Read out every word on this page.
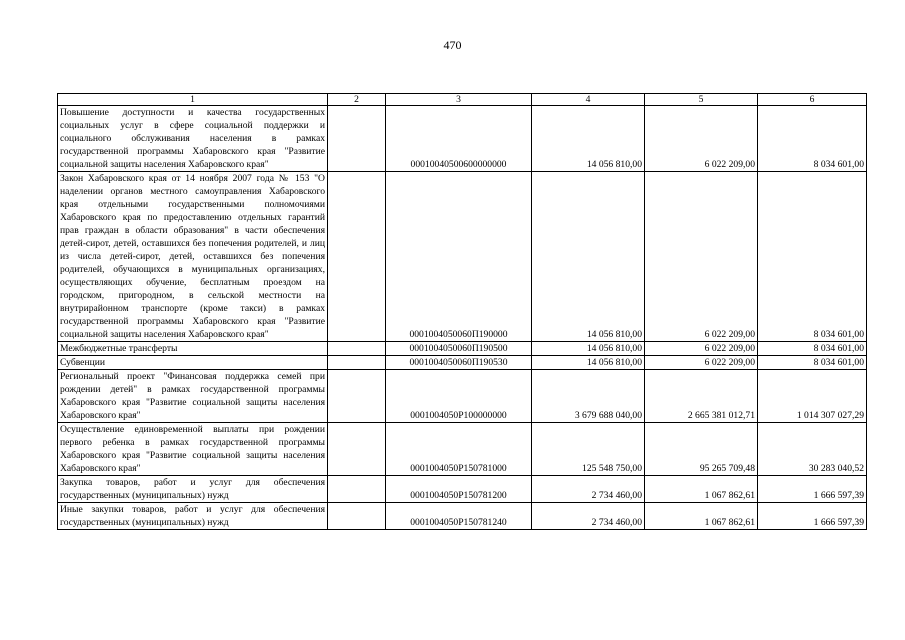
470
1	2	3	4	5	6
Повышение доступности и качества государственных социальных услуг в сфере социальной поддержки и социального обслуживания населения в рамках государственной программы Хабаровского края "Развитие социальной защиты населения Хабаровского края"		00010040500600000000	14 056 810,00	6 022 209,00	8 034 601,00
Закон Хабаровского края от 14 ноября 2007 года № 153 "О наделении органов местного самоуправления Хабаровского края отдельными государственными полномочиями Хабаровского края по предоставлению отдельных гарантий прав граждан в области образования" в части обеспечения детей-сирот, детей, оставшихся без попечения родителей, и лиц из числа детей-сирот, детей, оставшихся без попечения родителей, обучающихся в муниципальных организациях, осуществляющих обучение, бесплатным проездом на городском, пригородном, в сельской местности на внутрирайонном транспорте (кроме такси) в рамках государственной программы Хабаровского края "Развитие социальной защиты населения Хабаровского края"		0001004050060П190000	14 056 810,00	6 022 209,00	8 034 601,00
Межбюджетные трансферты		0001004050060П190500	14 056 810,00	6 022 209,00	8 034 601,00
Субвенции		0001004050060П190530	14 056 810,00	6 022 209,00	8 034 601,00
Региональный проект "Финансовая поддержка семей при рождении детей" в рамках государственной программы Хабаровского края "Развитие социальной защиты населения Хабаровского края"		0001004050P100000000	3 679 688 040,00	2 665 381 012,71	1 014 307 027,29
Осуществление единовременной выплаты при рождении первого ребенка в рамках государственной программы Хабаровского края "Развитие социальной защиты населения Хабаровского края"		0001004050P150781000	125 548 750,00	95 265 709,48	30 283 040,52
Закупка товаров, работ и услуг для обеспечения государственных (муниципальных) нужд		0001004050P150781200	2 734 460,00	1 067 862,61	1 666 597,39
Иные закупки товаров, работ и услуг для обеспечения государственных (муниципальных) нужд		0001004050P150781240	2 734 460,00	1 067 862,61	1 666 597,39
